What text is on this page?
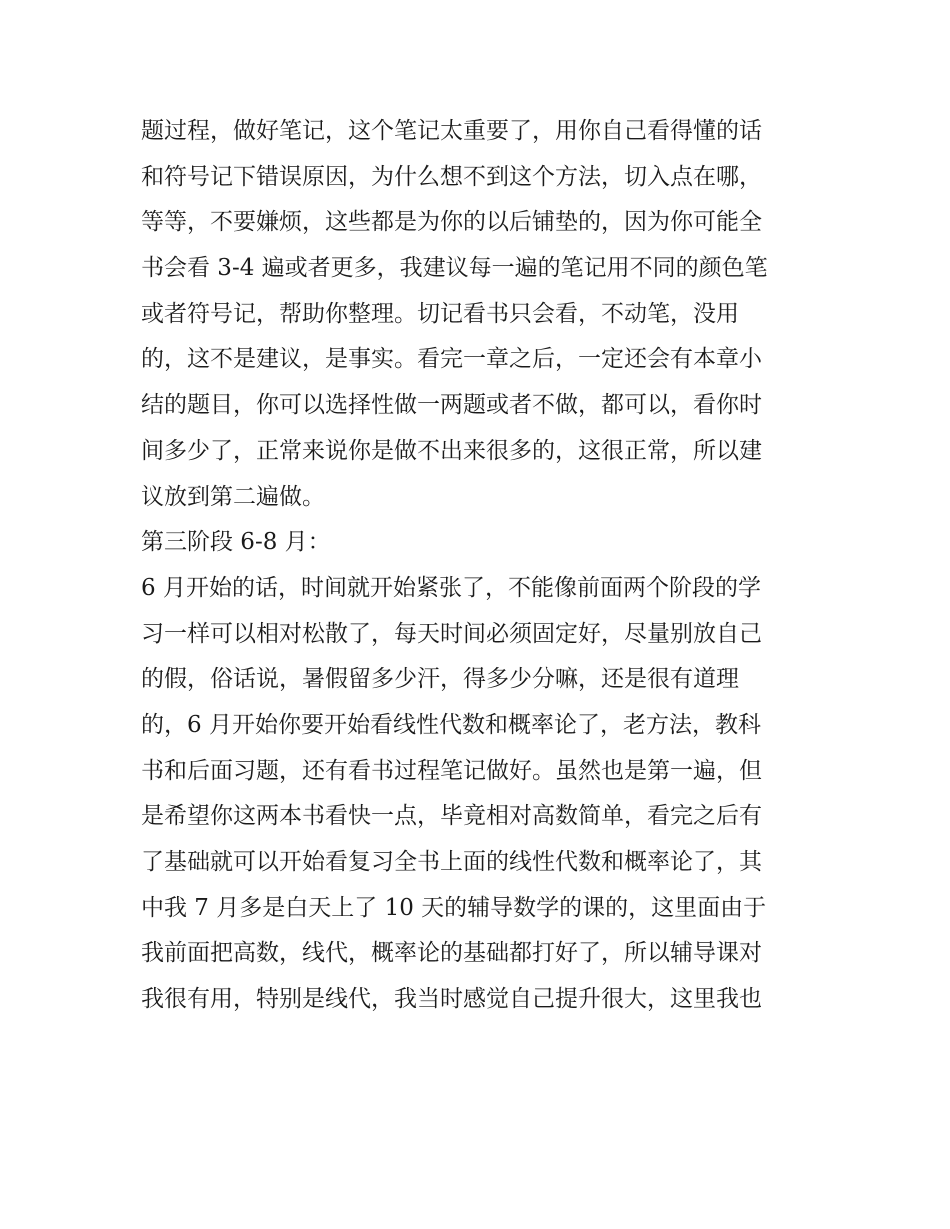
题过程，做好笔记，这个笔记太重要了，用你自己看得懂的话
和符号记下错误原因，为什么想不到这个方法，切入点在哪，
等等，不要嫌烦，这些都是为你的以后铺垫的，因为你可能全
书会看 3-4 遍或者更多，我建议每一遍的笔记用不同的颜色笔
或者符号记，帮助你整理。切记看书只会看，不动笔，没用
的，这不是建议，是事实。看完一章之后，一定还会有本章小
结的题目，你可以选择性做一两题或者不做，都可以，看你时
间多少了，正常来说你是做不出来很多的，这很正常，所以建
议放到第二遍做。
第三阶段 6-8 月：
6 月开始的话，时间就开始紧张了，不能像前面两个阶段的学
习一样可以相对松散了，每天时间必须固定好，尽量别放自己
的假，俗话说，暑假留多少汗，得多少分嘛，还是很有道理
的，6 月开始你要开始看线性代数和概率论了，老方法，教科
书和后面习题，还有看书过程笔记做好。虽然也是第一遍，但
是希望你这两本书看快一点，毕竟相对高数简单，看完之后有
了基础就可以开始看复习全书上面的线性代数和概率论了，其
中我 7 月多是白天上了 10 天的辅导数学的课的，这里面由于
我前面把高数，线代，概率论的基础都打好了，所以辅导课对
我很有用，特别是线代，我当时感觉自己提升很大，这里我也
